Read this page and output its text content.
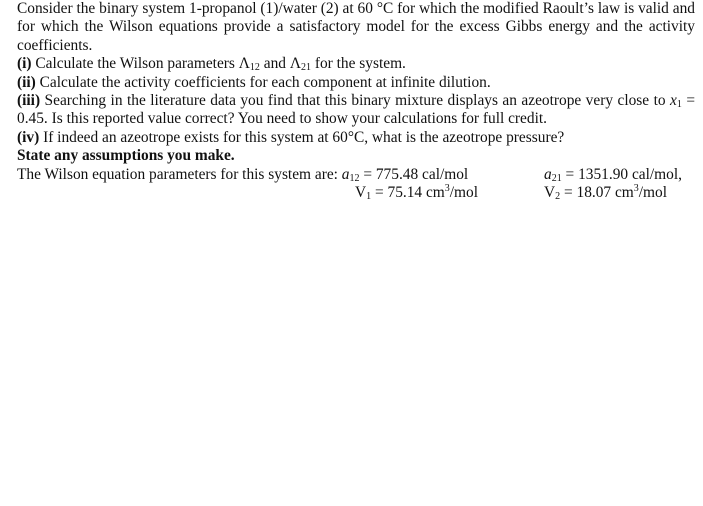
Consider the binary system 1-propanol (1)/water (2) at 60 °C for which the modified Raoult’s law is valid and for which the Wilson equations provide a satisfactory model for the excess Gibbs energy and the activity coefficients.

(i) Calculate the Wilson parameters $\Lambda_{12}$ and $\Lambda_{21}$ for the system.

(ii) Calculate the activity coefficients for each component at infinite dilution.

(iii) Searching in the literature data you find that this binary mixture displays an azeotrope very close to $x_1 = 0.45$. Is this reported value correct? You need to show your calculations for full credit.

(iv) If indeed an azeotrope exists for this system at 60°C, what is the azeotrope pressure?

State any assumptions you make.

The Wilson equation parameters for this system are: $a_{12} = 775.48$ cal/mol	$a_{21} = 1351.90$ cal/mol,
$V_1 = 75.14$ $cm^3$/mol	$V_2 = 18.07$ $cm^3$/mol
